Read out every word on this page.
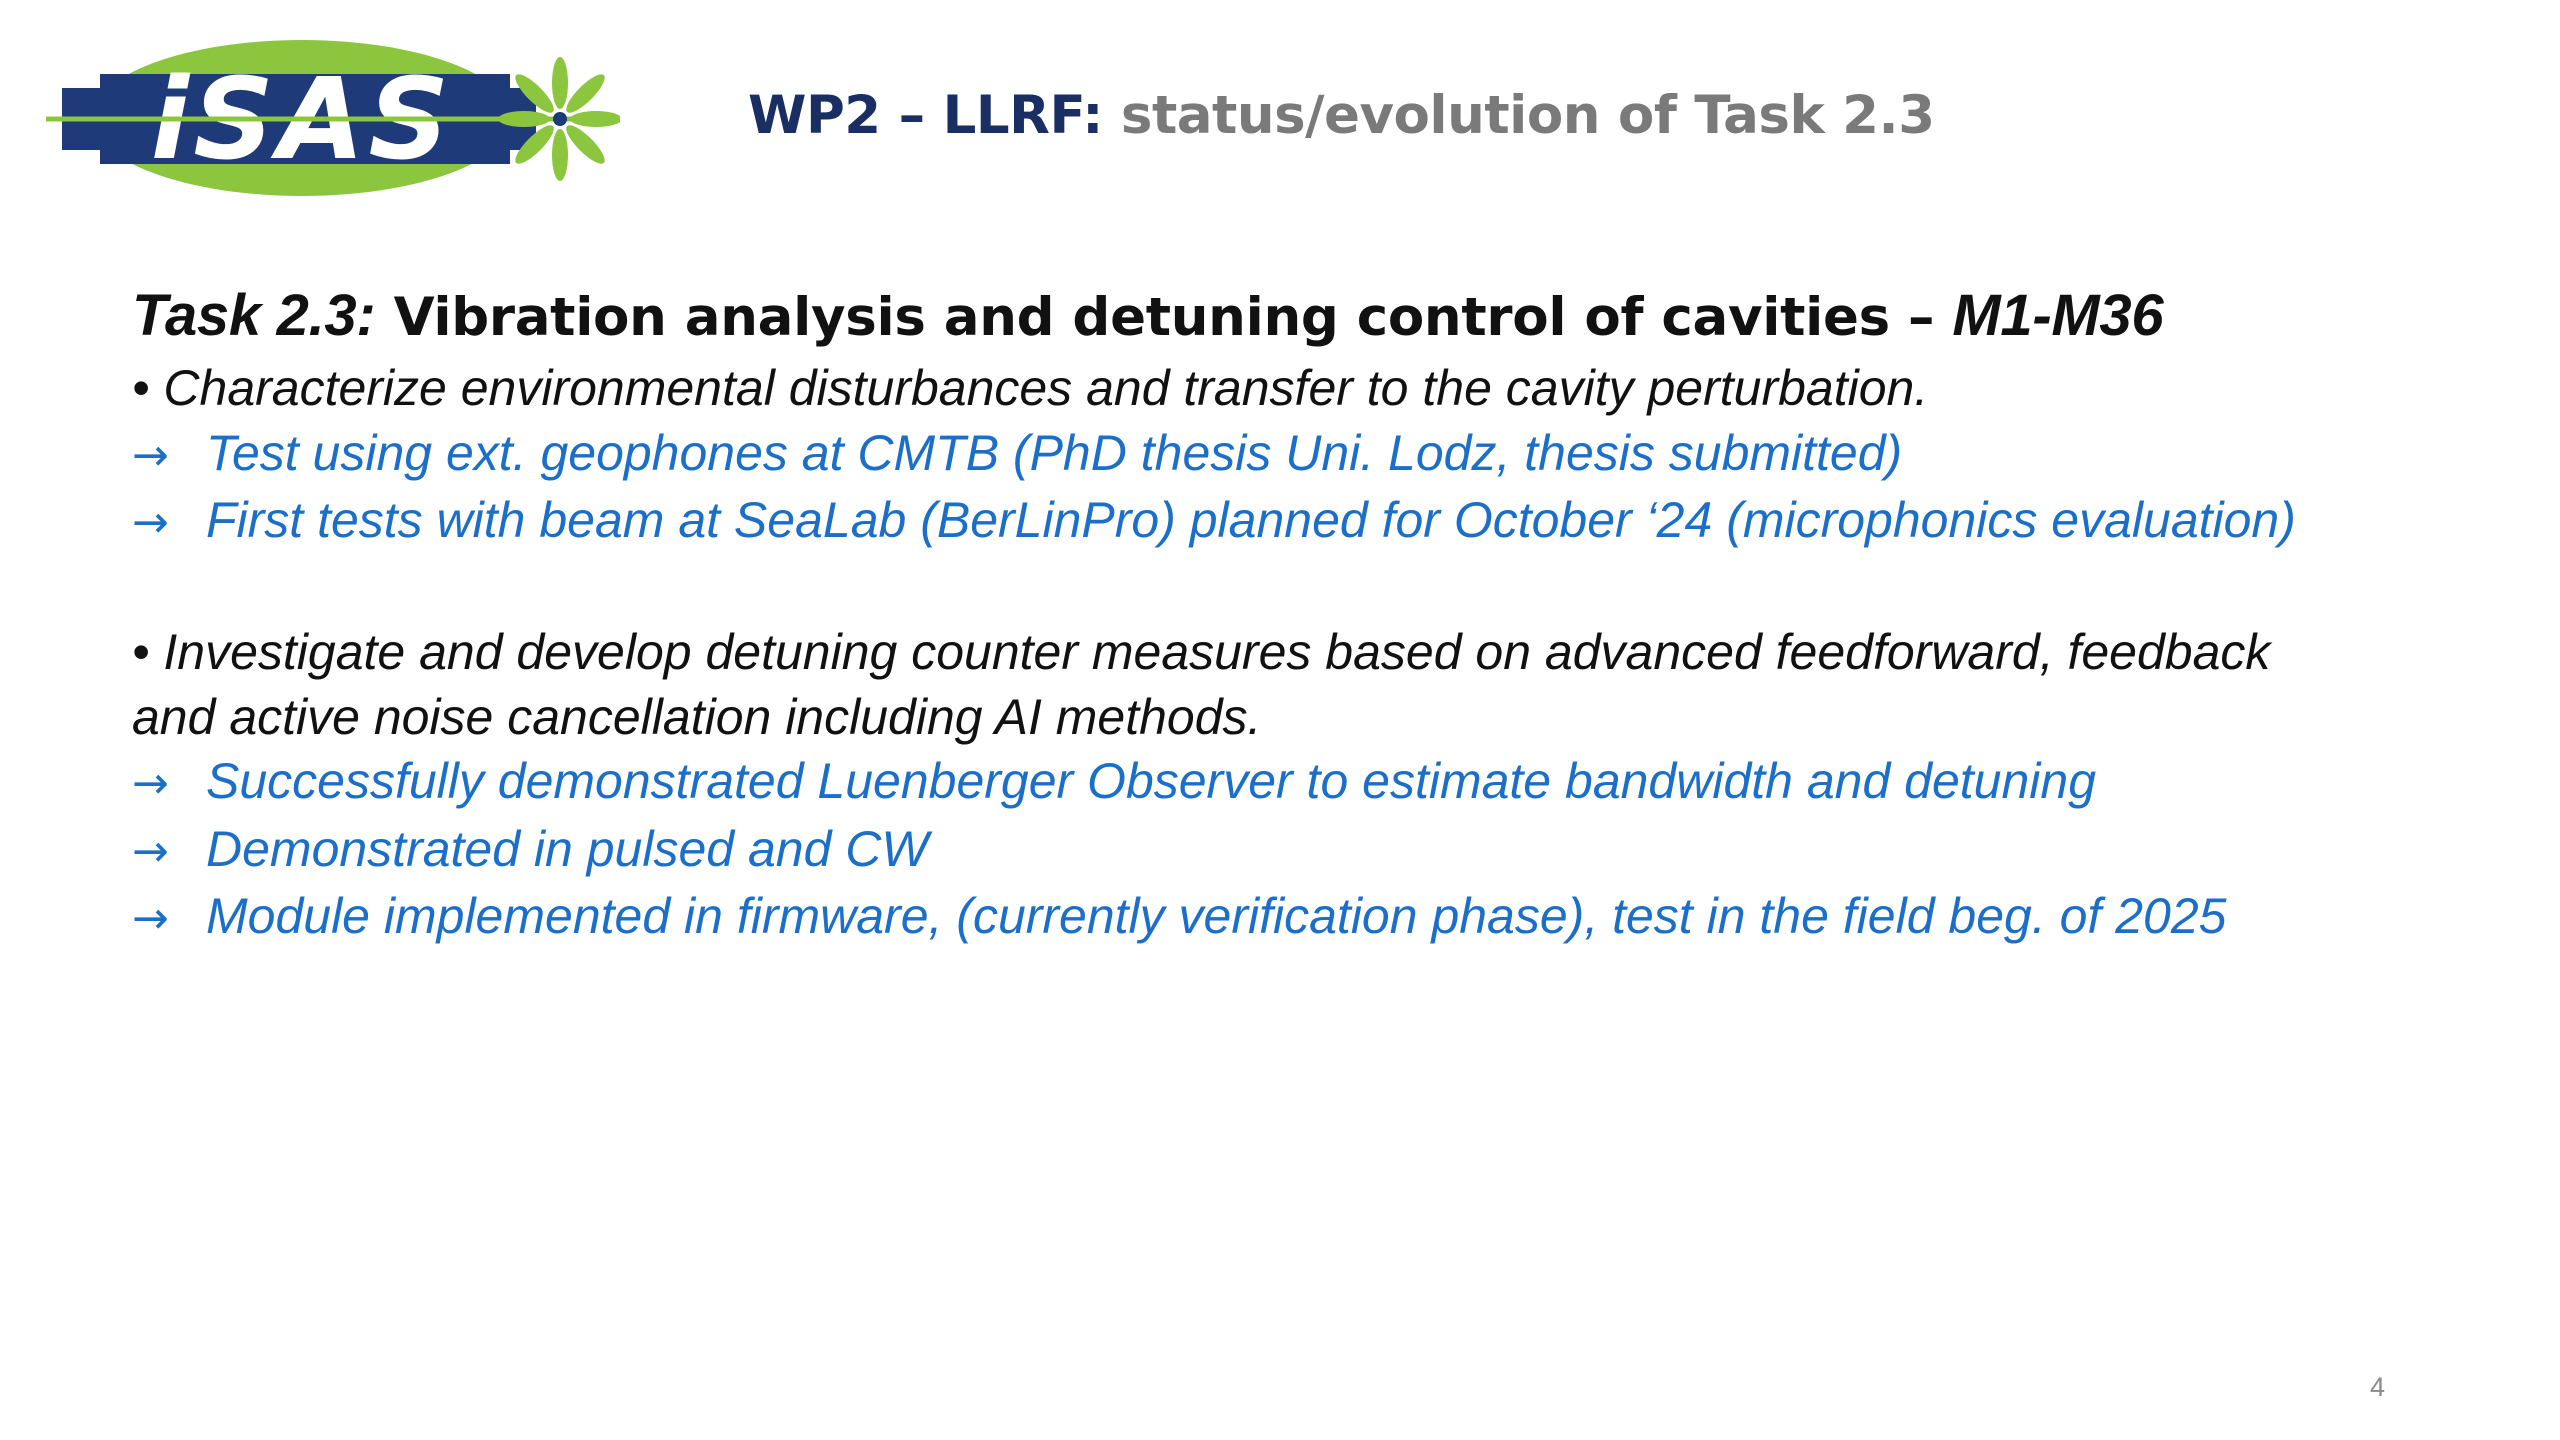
iSAS	WP2 – LLRF: status/evolution of Task 2.3
Task 2.3: Vibration analysis and detuning control of cavities – M1-M36
• Characterize environmental disturbances and transfer to the cavity perturbation.
→ Test using ext. geophones at CMTB (PhD thesis Uni. Lodz, thesis submitted)
→ First tests with beam at SeaLab (BerLinPro) planned for October ‘24 (microphonics evaluation)
• Investigate and develop detuning counter measures based on advanced feedforward, feedback
and active noise cancellation including AI methods.
→ Successfully demonstrated Luenberger Observer to estimate bandwidth and detuning
→ Demonstrated in pulsed and CW
→ Module implemented in firmware, (currently verification phase), test in the field beg. of 2025
4
